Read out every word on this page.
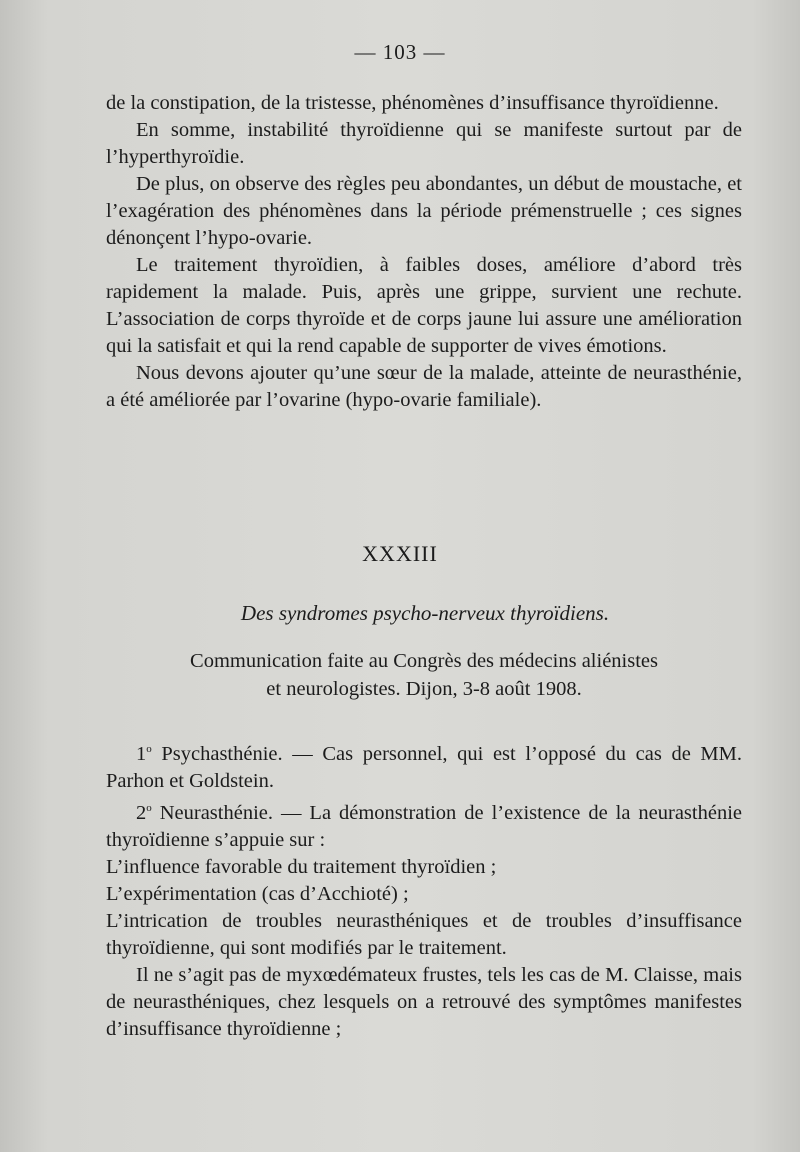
— 103 —

de la constipation, de la tristesse, phénomènes d’insuffisance thyroïdienne.

En somme, instabilité thyroïdienne qui se manifeste surtout par de l’hyperthyroïdie.

De plus, on observe des règles peu abondantes, un début de moustache, et l’exagération des phénomènes dans la période prémenstruelle ; ces signes dénonçent l’hypo-ovarie.

Le traitement thyroïdien, à faibles doses, améliore d’abord très rapidement la malade. Puis, après une grippe, survient une rechute. L’association de corps thyroïde et de corps jaune lui assure une amélioration qui la satisfait et qui la rend capable de supporter de vives émotions.

Nous devons ajouter qu’une sœur de la malade, atteinte de neurasthénie, a été améliorée par l’ovarine (hypo-ovarie familiale).

XXXIII
Des syndromes psycho-nerveux thyroïdiens.
Communication faite au Congrès des médecins aliénistes
et neurologistes. Dijon, 3-8 août 1908.

1$^o$ Psychasthénie. — Cas personnel, qui est l’opposé du cas de MM. Parhon et Goldstein.

2$^o$ Neurasthénie. — La démonstration de l’existence de la neurasthénie thyroïdienne s’appuie sur :

L’influence favorable du traitement thyroïdien ;

L’expérimentation (cas d’Acchioté) ;

L’intrication de troubles neurasthéniques et de troubles d’insuffisance thyroïdienne, qui sont modifiés par le traitement.

Il ne s’agit pas de myxœdémateux frustes, tels les cas de M. Claisse, mais de neurasthéniques, chez lesquels on a retrouvé des symptômes manifestes d’insuffisance thyroïdienne ;
